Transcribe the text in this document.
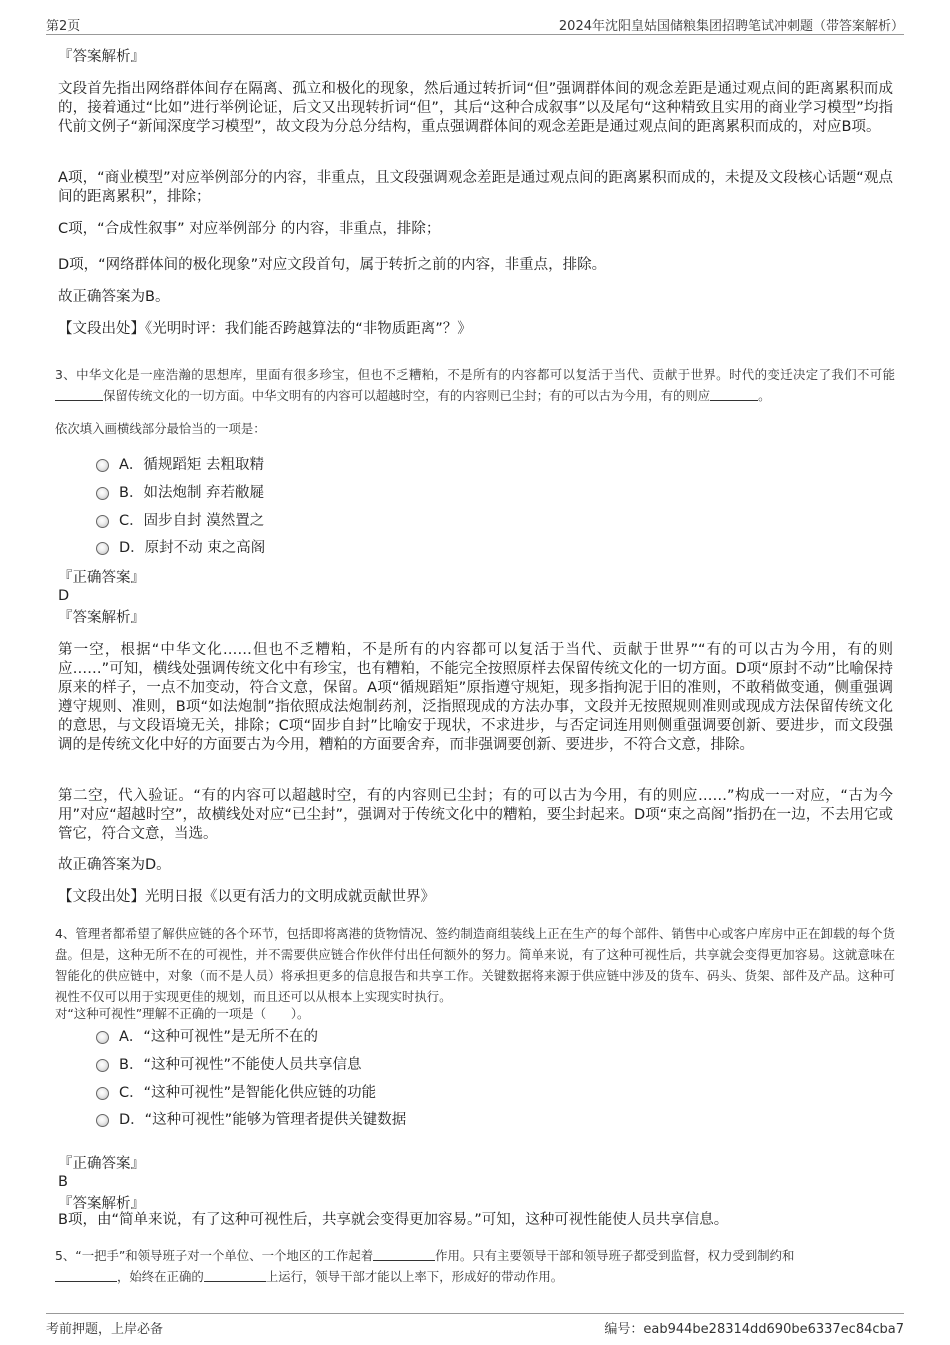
第2页	2024年沈阳皇姑国储粮集团招聘笔试冲刺题（带答案解析）
『答案解析』
文段首先指出网络群体间存在隔离、孤立和极化的现象，然后通过转折词“但”强调群体间的观念差距是通过观点间的距离累积而成的，接着通过“比如”进行举例论证，后文又出现转折词“但”，其后“这种合成叙事”以及尾句“这种精致且实用的商业学习模型”均指代前文例子“新闻深度学习模型”，故文段为分总分结构，重点强调群体间的观念差距是通过观点间的距离累积而成的，对应B项。
A项，“商业模型”对应举例部分的内容，非重点，且文段强调观念差距是通过观点间的距离累积而成的，未提及文段核心话题“观点间的距离累积”，排除；
C项，“合成性叙事” 对应举例部分 的内容，非重点，排除；
D项，“网络群体间的极化现象”对应文段首句，属于转折之前的内容，非重点，排除。
故正确答案为B。
【文段出处】《光明时评：我们能否跨越算法的“非物质距离”？》
3、中华文化是一座浩瀚的思想库，里面有很多珍宝，但也不乏糟粕，不是所有的内容都可以复活于当代、贡献于世界。时代的变迁决定了我们不可能保留传统文化的一切方面。中华文明有的内容可以超越时空，有的内容则已尘封；有的可以古为今用，有的则应	。
依次填入画横线部分最恰当的一项是：
A．循规蹈矩 去粗取精
B．如法炮制 弃若敝屣
C．固步自封 漠然置之
D．原封不动 束之高阁
『正确答案』
D
『答案解析』
第一空，根据“中华文化……但也不乏糟粕，不是所有的内容都可以复活于当代、贡献于世界”“有的可以古为今用，有的则应……”可知，横线处强调传统文化中有珍宝，也有糟粕，不能完全按照原样去保留传统文化的一切方面。D项“原封不动”比喻保持原来的样子，一点不加变动，符合文意，保留。A项“循规蹈矩”原指遵守规矩，现多指拘泥于旧的准则，不敢稍做变通，侧重强调遵守规则、准则，B项“如法炮制”指依照成法炮制药剂，泛指照现成的方法办事，文段并无按照规则准则或现成方法保留传统文化的意思，与文段语境无关，排除；C项“固步自封”比喻安于现状，不求进步，与否定词连用则侧重强调要创新、要进步，而文段强调的是传统文化中好的方面要古为今用，糟粕的方面要舍弃，而非强调要创新、要进步，不符合文意，排除。
第二空，代入验证。“有的内容可以超越时空，有的内容则已尘封；有的可以古为今用，有的则应……”构成一一对应，“古为今用”对应“超越时空”，故横线处对应“已尘封”，强调对于传统文化中的糟粕，要尘封起来。D项“束之高阁”指扔在一边，不去用它或管它，符合文意，当选。
故正确答案为D。
【文段出处】光明日报《以更有活力的文明成就贡献世界》
4、管理者都希望了解供应链的各个环节，包括即将离港的货物情况、签约制造商组装线上正在生产的每个部件、销售中心或客户库房中正在卸载的每个货盘。但是，这种无所不在的可视性，并不需要供应链合作伙伴付出任何额外的努力。简单来说，有了这种可视性后，共享就会变得更加容易。这就意味在智能化的供应链中，对象（而不是人员）将承担更多的信息报告和共享工作。关键数据将来源于供应链中涉及的货车、码头、货架、部件及产品。这种可视性不仅可以用于实现更佳的规划，而且还可以从根本上实现实时执行。
对“这种可视性”理解不正确的一项是（　　）。
A．“这种可视性”是无所不在的
B．“这种可视性”不能使人员共享信息
C．“这种可视性”是智能化供应链的功能
D．“这种可视性”能够为管理者提供关键数据
『正确答案』
B
『答案解析』
B项，由“简单来说，有了这种可视性后，共享就会变得更加容易。”可知，这种可视性能使人员共享信息。
5、“一把手”和领导班子对一个单位、一个地区的工作起着	作用。只有主要领导干部和领导班子都受到监督，权力受到制约和
，始终在正确的	上运行，领导干部才能以上率下，形成好的带动作用。
考前押题，上岸必备	编号：eab944be28314dd690be6337ec84cba7
